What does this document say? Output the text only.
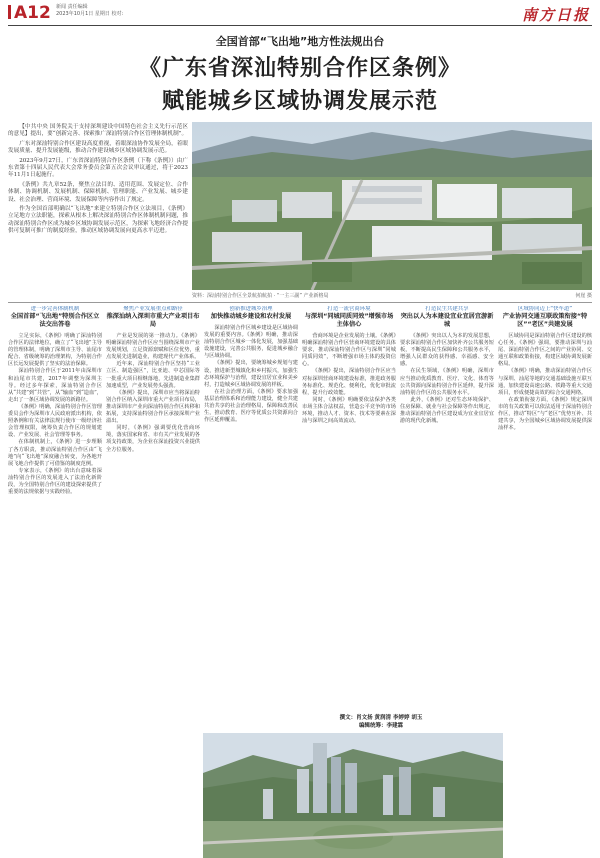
A12 新闻 责任编辑
2023年10月1日 星期日 校对:	南方日报
全国首部“飞出地”地方性法规出台
《广东省深汕特别合作区条例》
赋能城乡区域协调发展示范

【中共中央 国务院关于支持深圳建设中国特色社会主义先行示范区的意见】提出，要“创新完善、探索推广深汕特别合作区管理体制机制”。

广东对深汕特别合作区建设高度重视，着眼深汕协作发展全局，着眼发展质量、提升发展能级，推动合作建设城乡区域协调发展示范。

2023年9月27日，广东省深汕特别合作区条例（下称《条例》）由广东省第十四届人民代表大会常务委员会第五次会议审议通过，将于2023年11月1日起施行。

《条例》共九章52条，聚焦立法目的、适用范围、发展定位、合作体制、协调机制、发展机制、保障机制、管理职能、产业发展、城乡建设、社会治理、营商环境、发展保障等内容作出了规定。

作为全国首部明确以“飞出地”来建立特别合作区立法项目，《条例》立足地方立法职能，探索从根本上解决深汕特别合作区体制机制问题，推动深汕特别合作区成为城乡区域协调发展示范区，为探索飞地经济合作提供可复制可推广的制度经验，推动区域协调发展向更高水平迈进。

资料：深汕特别合作区全景航拍航拍 · “一主三副” 产业新格局	何崖 摄
进一步完善体制机制
全国首部“飞出地”特别合作区立法交出答卷

立足实际，《条例》明确了深汕特别合作区的法律地位，确立了“飞出地”主导的管理体制，明确了深圳市主导、汕尾市配合、省级统筹的治理架构，为特别合作区长远发展提供了坚实的法治保障。

深汕特别合作区于2011年由深圳市和汕尾市共建，2017年调整为深圳主导。经过多年探索，深汕特别合作区从“共建”到“共管”，从“输血”到“造血”，走出了一条区域协调发展的新路径。

《条例》明确，深汕特别合作区管理委员会作为深圳市人民政府派出机构，依照条例和有关法律法规行使市一级经济社会管理权限，统筹负责合作区的规划建设、产业发展、社会管理等事务。

在体制机制上，《条例》进一步理顺了各方职责，推动深汕特别合作区由“飞地”向“飞出地”深度融合转变，为各地开展飞地合作提供了可借鉴的制度范例。

专家表示，《条例》的出台意味着深汕特别合作区的发展进入了法治化新阶段，为全国特别合作区的建设探索提供了重要的法规依据与实践经验。

聚焦产业发展重点和路径
推深汕纳入深圳市重大产业项目布局

产业是发展的第一推动力。《条例》明确深汕特别合作区应当围绕深圳市产业发展规划，立足资源禀赋和区位优势，重点发展先进制造业，构建现代产业体系。

近年来，深汕特别合作区坚持“工业立区、制造强区”，比亚迪、中芯国际等一批重大项目相继落地，先进制造业集群加速成型，产业发展势头强劲。

《条例》提出，深圳市应当将深汕特别合作区纳入深圳市重大产业项目布局，推动深圳市产业向深汕特别合作区转移和拓展，支持深汕特别合作区承接深圳产业溢出。

同时，《条例》强调要优化营商环境，落实国家和省、市有关产业发展的各项支持政策，为企业在深汕投资兴业提供全方位服务。

创新推进城乡治理
加快推动城乡建设和农村发展

深汕特别合作区城乡建设是区域协调发展的重要内容。《条例》明确，推动深汕特别合作区城乡一体化发展，加强基础设施建设，完善公共服务，促进城乡融合与区域协调。

《条例》提出，要统筹城乡规划与建设，推进新型城镇化和乡村振兴，加强生态环境保护与治理，建设宜居宜业和美乡村，打造城乡区域协调发展的样板。

在社会治理方面，《条例》要求加强基层治理体系和治理能力建设，健全共建共治共享的社会治理格局，保障和改善民生，推动教育、医疗等优质公共资源向合作区延伸覆盖。

打造一流营商环境
与深圳“同城同质同效”增强市场主体信心

营商环境是企业发展的土壤。《条例》明确深汕特别合作区营商环境建设的具体要求，推动深汕特别合作区与深圳“同城同质同效”，不断增强市场主体的投资信心。

《条例》提出，深汕特别合作区应当对标深圳营商环境建设标准，推进政务服务标准化、规范化、便利化，优化审批流程，提升行政效能。

同时，《条例》明确要依法保护各类市场主体合法权益，营造公平竞争的市场环境，推动人才、资本、技术等要素在深汕与深圳之间高效流动。

打造民生共建共享
突出以人为本建设宜业宜居宜游新城

《条例》突出以人为本的发展思想，要求深汕特别合作区加快补齐公共服务短板，不断提高民生保障和公共服务水平，增强人民群众的获得感、幸福感、安全感。

在民生领域，《条例》明确，深圳市应当推动优质教育、医疗、文化、体育等公共资源向深汕特别合作区延伸，提升深汕特别合作区的公共服务水平。

此外，《条例》还对生态环境保护、住房保障、就业与社会保障等作出规定，推动深汕特别合作区建设成为宜业宜居宜游的现代化新城。

区域协同迈上“快车道”
产业协同交通互联政策衔接“特区”“老区”共建发展

区域协同是深汕特别合作区建设的核心任务。《条例》强调，要推动深圳与汕尾、深汕特别合作区之间的产业协同、交通互联和政策衔接，构建区域协调发展新格局。

《条例》明确，推动深汕特别合作区与深圳、汕尾等地的交通基础设施互联互通，加快建设高速公路、铁路等重大交通项目，形成便捷高效的综合交通网络。

在政策衔接方面，《条例》规定深圳市的有关政策可以依法适用于深汕特别合作区，推动“特区”与“老区”优势互补、共建共享，为全国城乡区域协调发展提供深汕样本。

撰文：肖文扬 黄润清 李婷婷 胡玉
编辑统筹：李建霖
